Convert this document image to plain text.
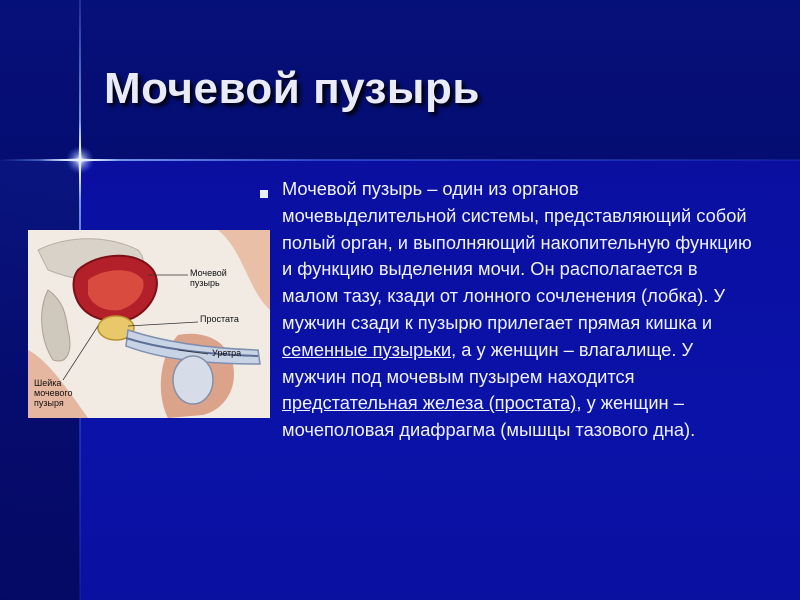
Мочевой пузырь
Мочевой
пузырь
Простата
Уретра
Шейка
мочевого
пузыря

Мочевой пузырь – один из органов мочевыделительной системы, представляющий собой полый орган, и выполняющий накопительную функцию и функцию выделения мочи. Он располагается в малом тазу, кзади от лонного сочленения (лобка). У мужчин сзади к пузырю прилегает прямая кишка и семенные пузырьки, а у женщин – влагалище. У мужчин под мочевым пузырем находится предстательная железа (простата), у женщин – мочеполовая диафрагма (мышцы тазового дна).
